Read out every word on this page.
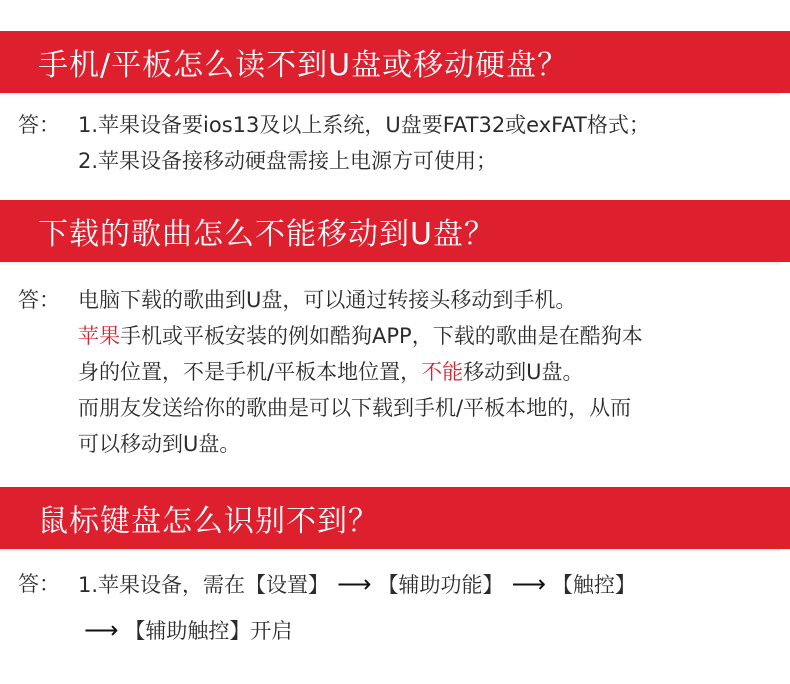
手机/平板怎么读不到U盘或移动硬盘？
答： 1.苹果设备要ios13及以上系统，U盘要FAT32或exFAT格式；
2.苹果设备接移动硬盘需接上电源方可使用；
下载的歌曲怎么不能移动到U盘？
答： 电脑下载的歌曲到U盘，可以通过转接头移动到手机。
苹果手机或平板安装的例如酷狗APP，下载的歌曲是在酷狗本
身的位置，不是手机/平板本地位置，不能移动到U盘。
而朋友发送给你的歌曲是可以下载到手机/平板本地的，从而
可以移动到U盘。
鼠标键盘怎么识别不到？
答： 1.苹果设备，需在【设置】 ⟶ 【辅助功能】 ⟶ 【触控】
⟶ 【辅助触控】开启
